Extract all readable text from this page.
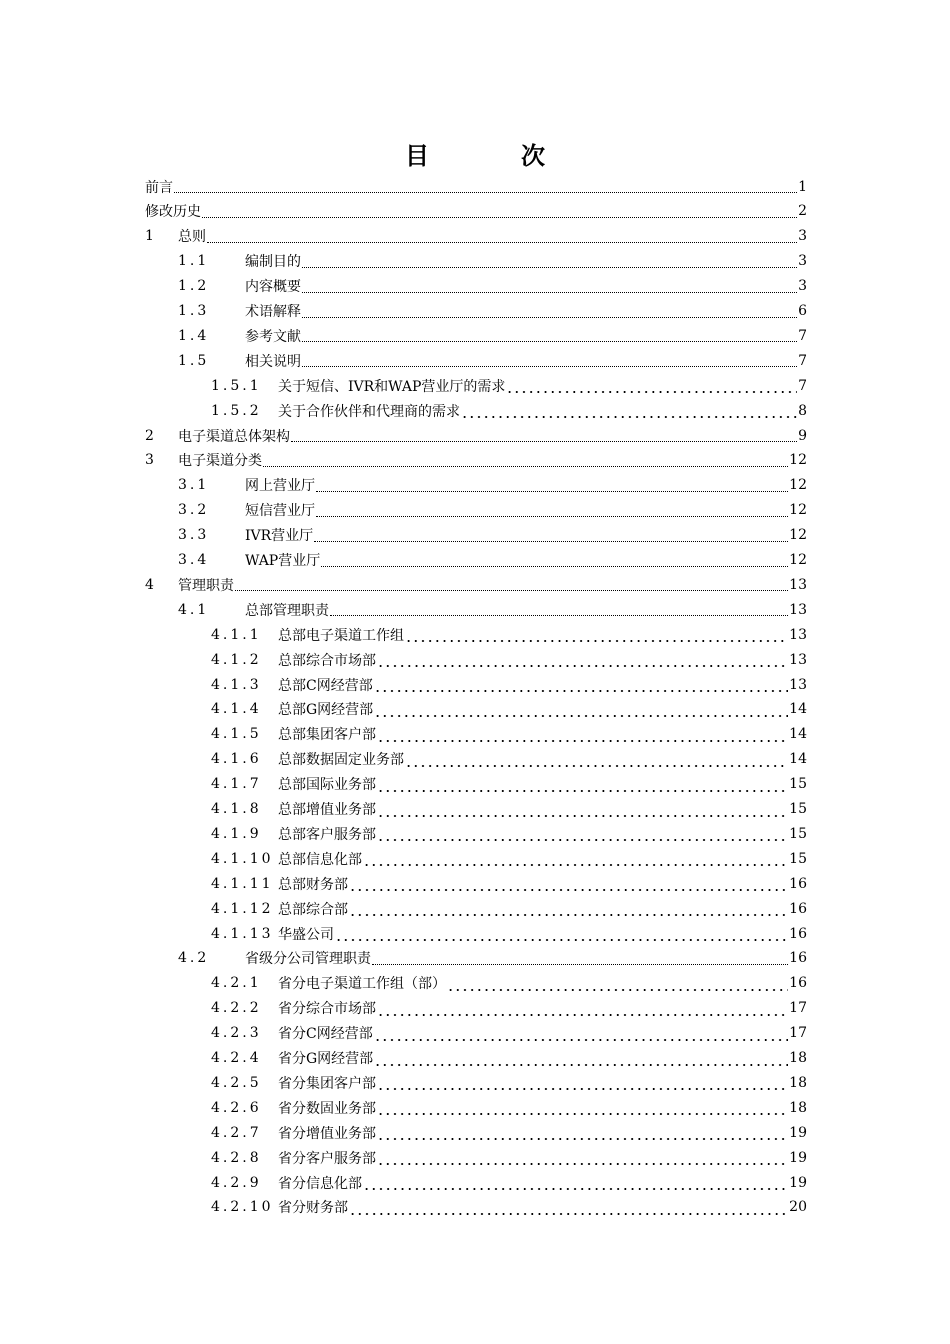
目　次
前言	1
修改历史	2
1	总则	3
1.1	编制目的	3
1.2	内容概要	3
1.3	术语解释	6
1.4	参考文献	7
1.5	相关说明	7
1.5.1	关于短信、IVR和WAP营业厅的需求	7
1.5.2	关于合作伙伴和代理商的需求	8
2	电子渠道总体架构	9
3	电子渠道分类	12
3.1	网上营业厅	12
3.2	短信营业厅	12
3.3	IVR营业厅	12
3.4	WAP营业厅	12
4	管理职责	13
4.1	总部管理职责	13
4.1.1	总部电子渠道工作组	13
4.1.2	总部综合市场部	13
4.1.3	总部C网经营部	13
4.1.4	总部G网经营部	14
4.1.5	总部集团客户部	14
4.1.6	总部数据固定业务部	14
4.1.7	总部国际业务部	15
4.1.8	总部增值业务部	15
4.1.9	总部客户服务部	15
4.1.10 总部信息化部	15
4.1.11 总部财务部	16
4.1.12 总部综合部	16
4.1.13 华盛公司	16
4.2	省级分公司管理职责	16
4.2.1	省分电子渠道工作组（部）	16
4.2.2	省分综合市场部	17
4.2.3	省分C网经营部	17
4.2.4	省分G网经营部	18
4.2.5	省分集团客户部	18
4.2.6	省分数固业务部	18
4.2.7	省分增值业务部	19
4.2.8	省分客户服务部	19
4.2.9	省分信息化部	19
4.2.10 省分财务部	20
